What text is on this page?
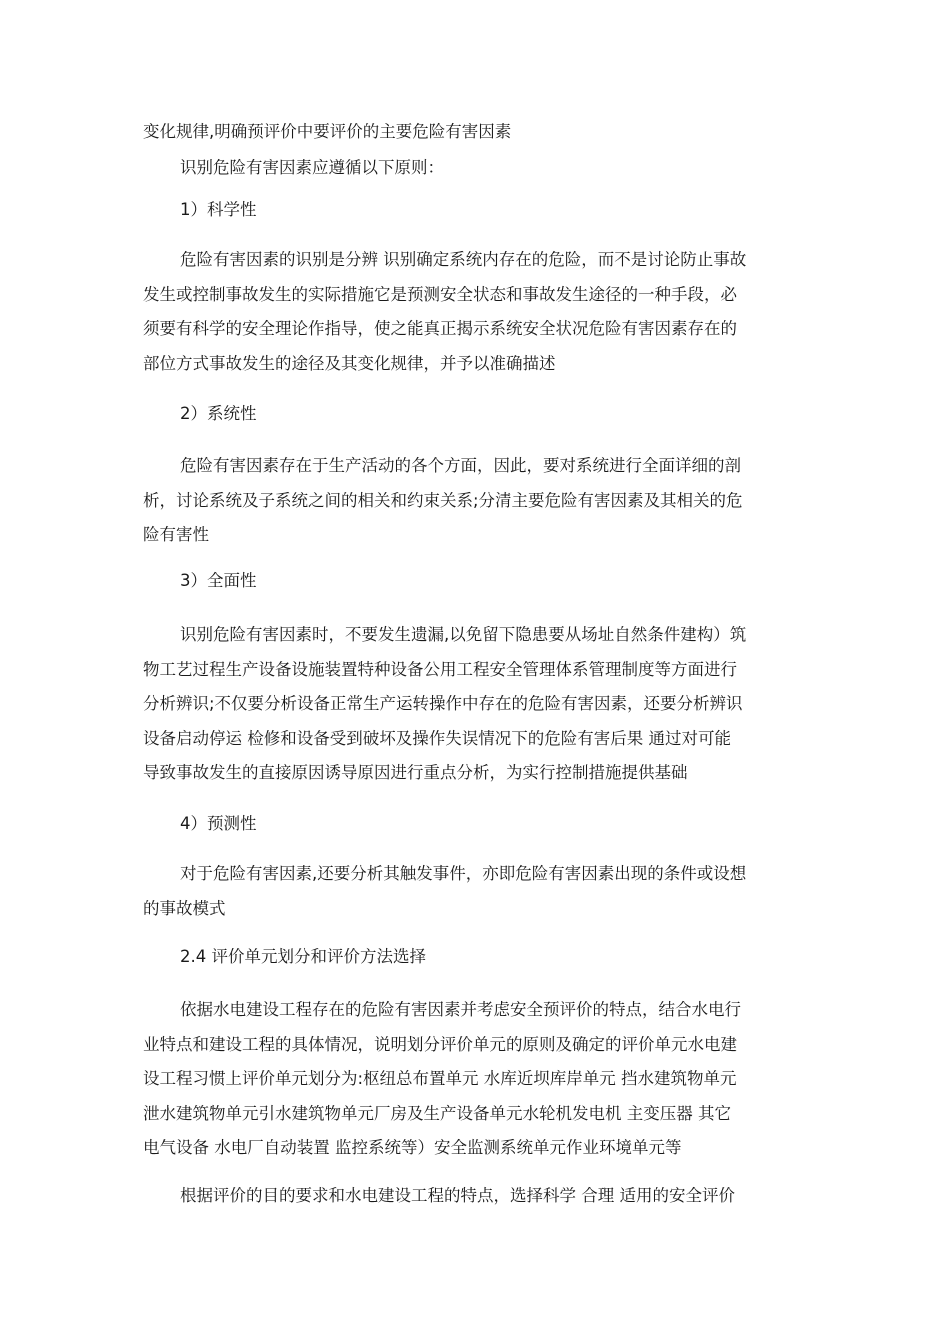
变化规律,明确预评价中要评价的主要危险有害因素

识别危险有害因素应遵循以下原则：

1）科学性

危险有害因素的识别是分辨 识别确定系统内存在的危险，而不是讨论防止事故
发生或控制事故发生的实际措施它是预测安全状态和事故发生途径的一种手段，必
须要有科学的安全理论作指导，使之能真正揭示系统安全状况危险有害因素存在的
部位方式事故发生的途径及其变化规律，并予以准确描述

2）系统性

危险有害因素存在于生产活动的各个方面，因此，要对系统进行全面详细的剖
析，讨论系统及子系统之间的相关和约束关系;分清主要危险有害因素及其相关的危
险有害性

3）全面性

识别危险有害因素时，不要发生遗漏,以免留下隐患要从场址自然条件建构）筑
物工艺过程生产设备设施装置特种设备公用工程安全管理体系管理制度等方面进行
分析辨识;不仅要分析设备正常生产运转操作中存在的危险有害因素，还要分析辨识
设备启动停运 检修和设备受到破坏及操作失误情况下的危险有害后果 通过对可能
导致事故发生的直接原因诱导原因进行重点分析，为实行控制措施提供基础

4）预测性

对于危险有害因素,还要分析其触发事件，亦即危险有害因素出现的条件或设想
的事故模式

2.4 评价单元划分和评价方法选择

依据水电建设工程存在的危险有害因素并考虑安全预评价的特点，结合水电行
业特点和建设工程的具体情况，说明划分评价单元的原则及确定的评价单元水电建
设工程习惯上评价单元划分为:枢纽总布置单元 水库近坝库岸单元 挡水建筑物单元
泄水建筑物单元引水建筑物单元厂房及生产设备单元水轮机发电机 主变压器 其它
电气设备 水电厂自动装置 监控系统等）安全监测系统单元作业环境单元等

根据评价的目的要求和水电建设工程的特点，选择科学 合理 适用的安全评价
